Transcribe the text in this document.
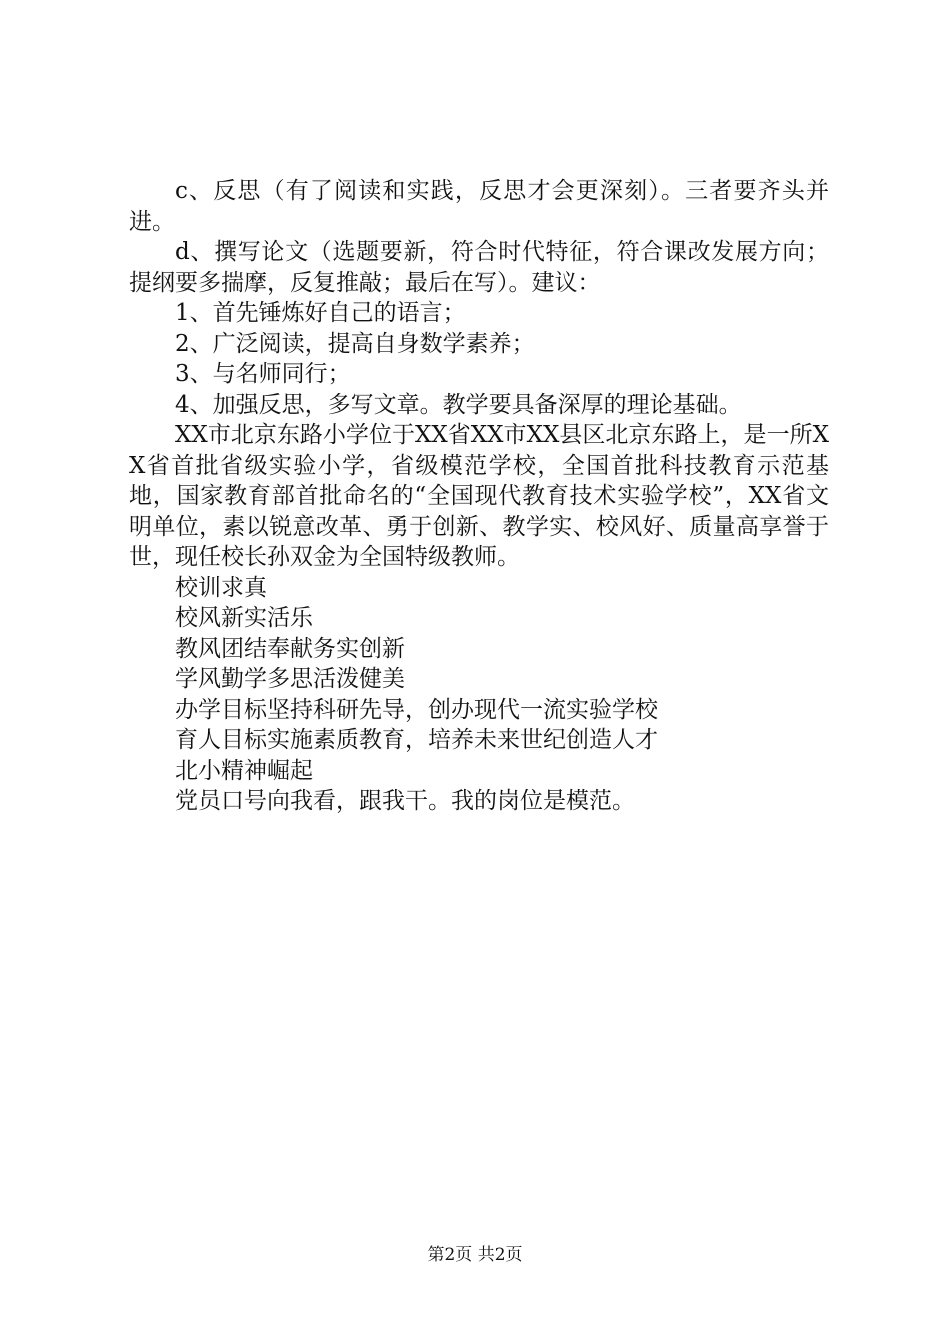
c、反思（有了阅读和实践，反思才会更深刻）。三者要齐头并进。

d、撰写论文（选题要新，符合时代特征，符合课改发展方向；提纲要多揣摩，反复推敲；最后在写）。建议：

1、首先锤炼好自己的语言；

2、广泛阅读，提高自身数学素养；

3、与名师同行；

4、加强反思，多写文章。教学要具备深厚的理论基础。

XX市北京东路小学位于XX省XX市XX县区北京东路上，是一所XX省首批省级实验小学，省级模范学校，全国首批科技教育示范基地，国家教育部首批命名的“全国现代教育技术实验学校”，XX省文明单位，素以锐意改革、勇于创新、教学实、校风好、质量高享誉于世，现任校长孙双金为全国特级教师。

校训求真

校风新实活乐

教风团结奉献务实创新

学风勤学多思活泼健美

办学目标坚持科研先导，创办现代一流实验学校

育人目标实施素质教育，培养未来世纪创造人才

北小精神崛起

党员口号向我看，跟我干。我的岗位是模范。

第2页 共2页
